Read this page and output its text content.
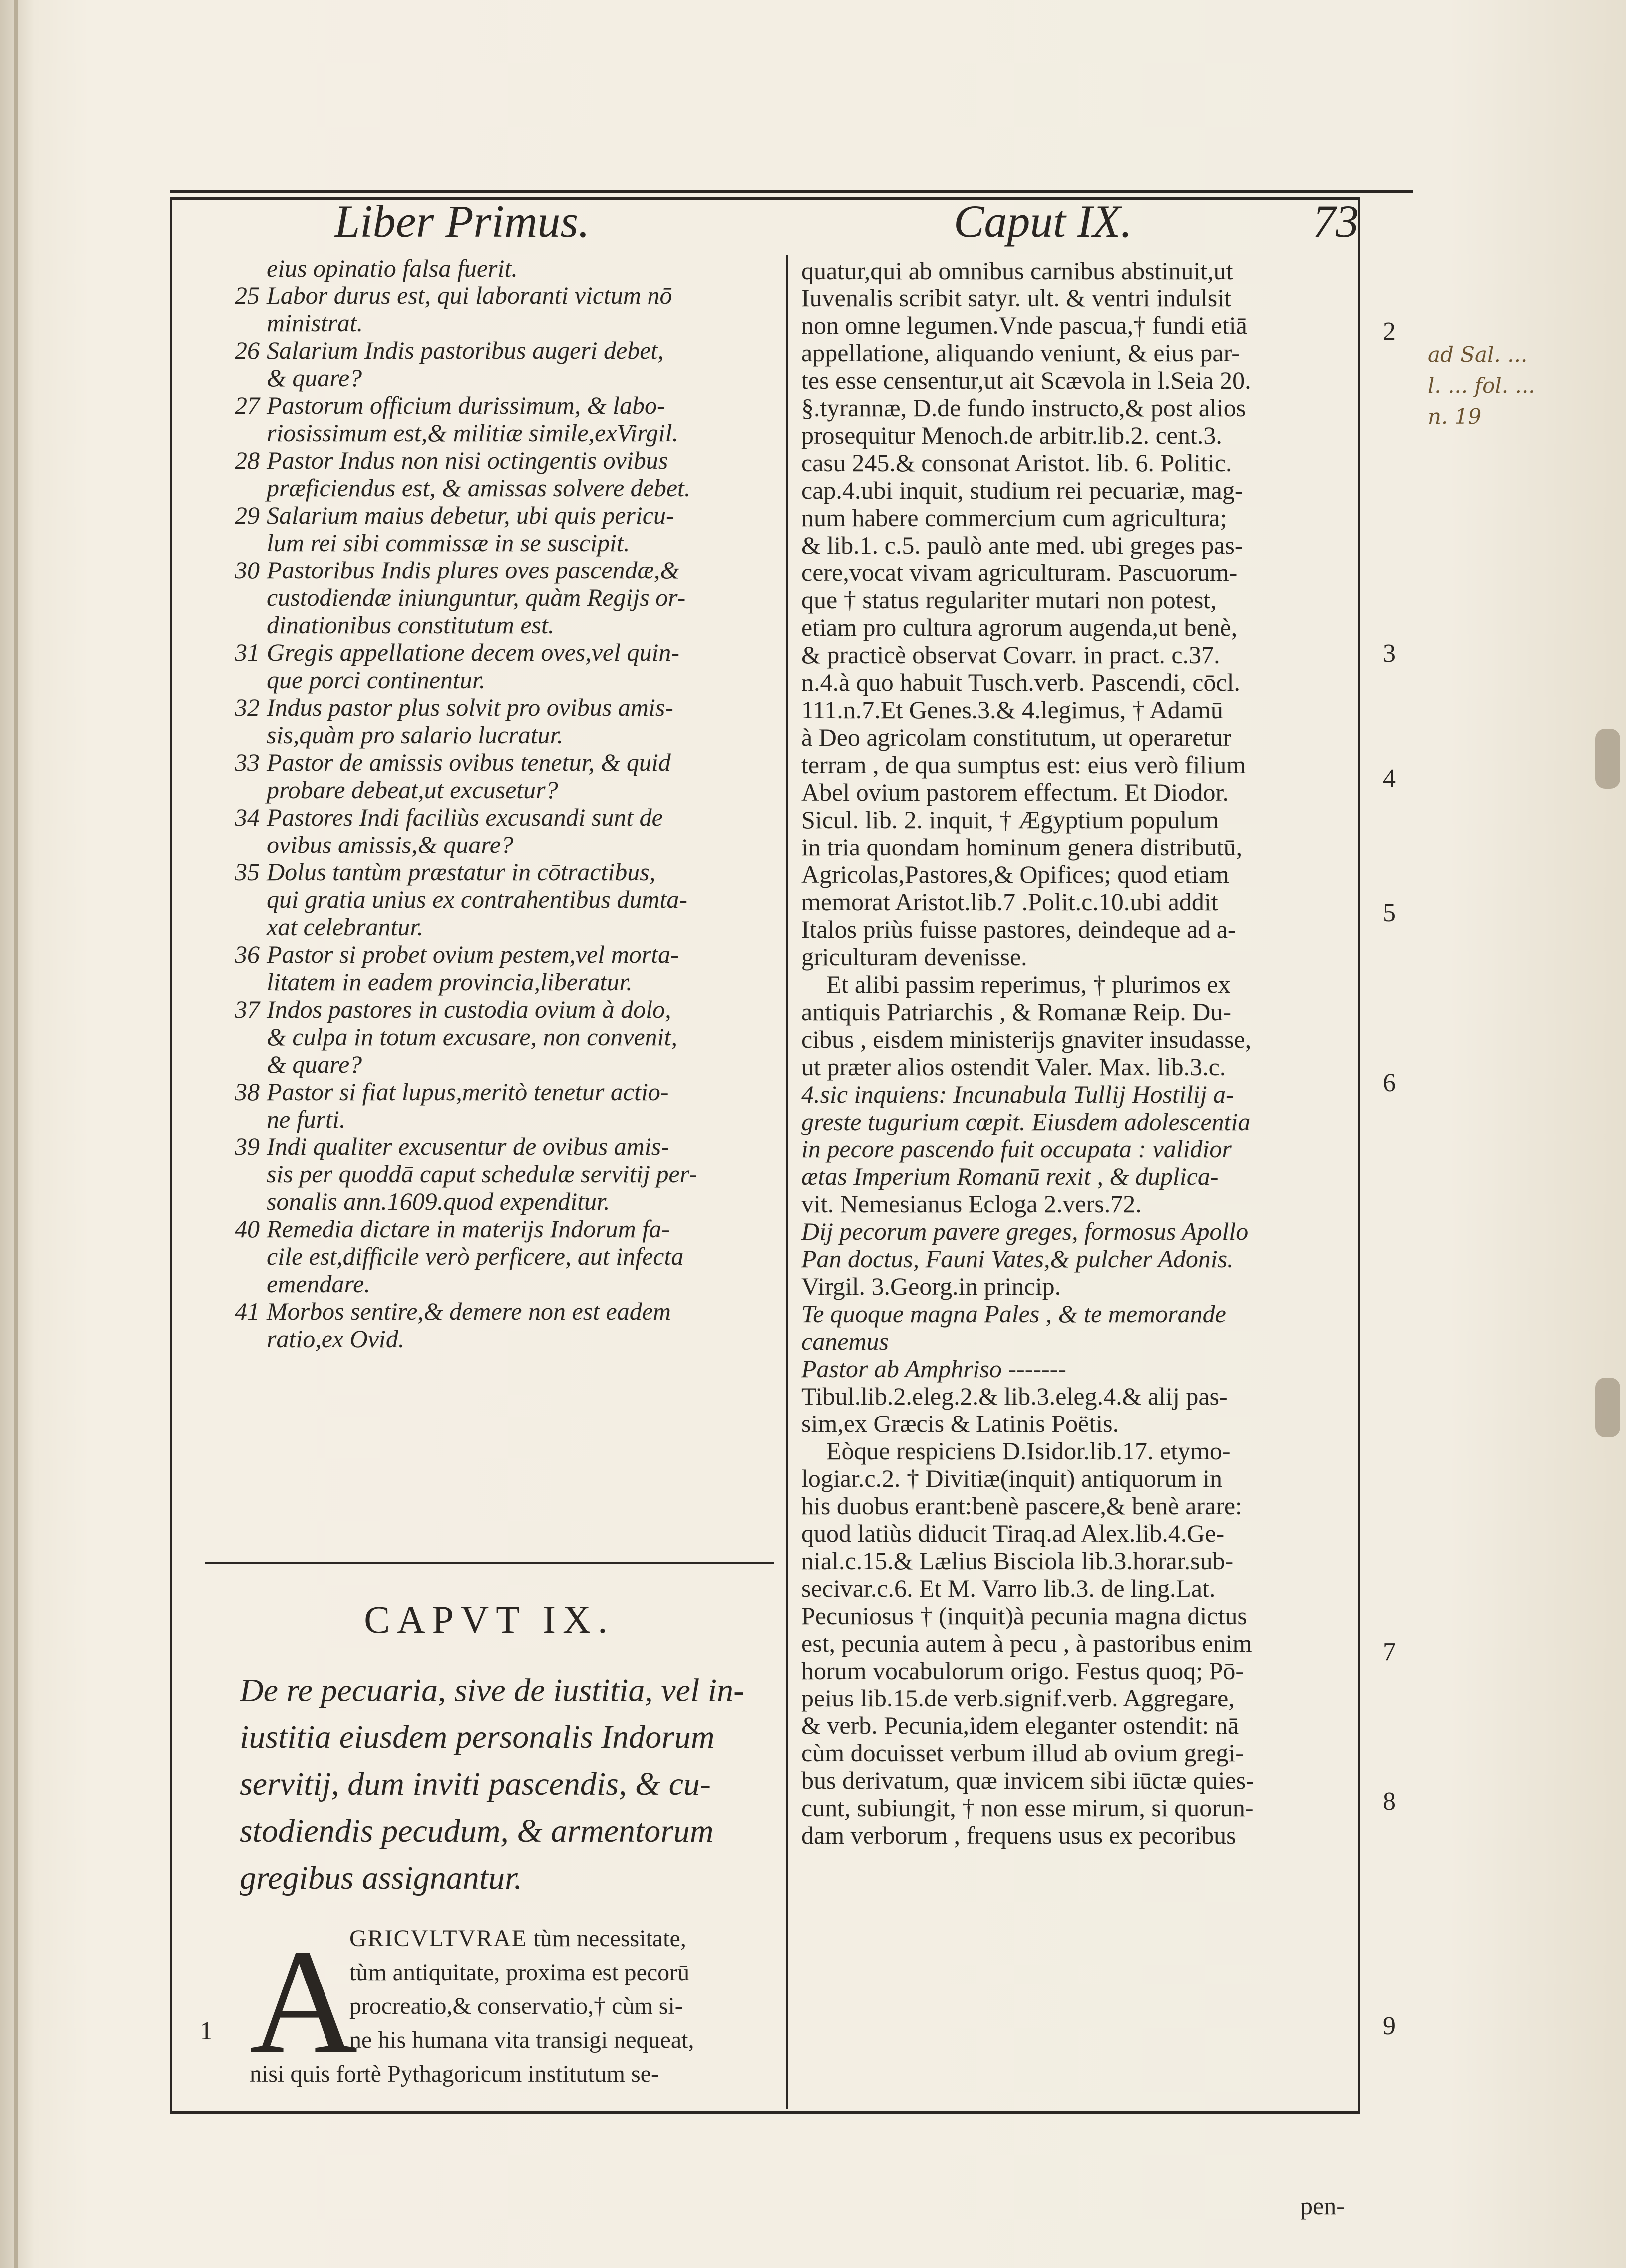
Liber Primus.	Caput IX.	73

eius opinatio falsa fuerit.

25 Labor durus est, qui laboranti victum nō

ministrat.

26 Salarium Indis pastoribus augeri debet,

& quare?

27 Pastorum officium durissimum, & labo-

riosissimum est,& militiæ simile,exVirgil.

28 Pastor Indus non nisi octingentis ovibus

præficiendus est, & amissas solvere debet.

29 Salarium maius debetur, ubi quis pericu-

lum rei sibi commissæ in se suscipit.

30 Pastoribus Indis plures oves pascendæ,&

custodiendæ iniunguntur, quàm Regijs or-

dinationibus constitutum est.

31 Gregis appellatione decem oves,vel quin-

que porci continentur.

32 Indus pastor plus solvit pro ovibus amis-

sis,quàm pro salario lucratur.

33 Pastor de amissis ovibus tenetur, & quid

probare debeat,ut excusetur?

34 Pastores Indi faciliùs excusandi sunt de

ovibus amissis,& quare?

35 Dolus tantùm præstatur in cōtractibus,

qui gratia unius ex contrahentibus dumta-

xat celebrantur.

36 Pastor si probet ovium pestem,vel morta-

litatem in eadem provincia,liberatur.

37 Indos pastores in custodia ovium à dolo,

& culpa in totum excusare, non convenit,

& quare?

38 Pastor si fiat lupus,meritò tenetur actio-

ne furti.

39 Indi qualiter excusentur de ovibus amis-

sis per quoddā caput schedulæ servitij per-

sonalis ann.1609.quod expenditur.

40 Remedia dictare in materijs Indorum fa-

cile est,difficile verò perficere, aut infecta

emendare.

41 Morbos sentire,& demere non est eadem

ratio,ex Ovid.

CAPVT IX.

De re pecuaria, sive de iustitia, vel in-

iustitia eiusdem personalis Indorum

servitij, dum inviti pascendis, & cu-

stodiendis pecudum, & armentorum

gregibus assignantur.

A

GRICVLTVRAE tùm necessitate,

tùm antiquitate, proxima est pecorū

procreatio,& conservatio,† cùm si-

ne his humana vita transigi nequeat,

nisi quis fortè Pythagoricum institutum se-

quatur,qui ab omnibus carnibus abstinuit,ut

Iuvenalis scribit satyr. ult. & ventri indulsit

non omne legumen.Vnde pascua,† fundi etiā

appellatione, aliquando veniunt, & eius par-

tes esse censentur,ut ait Scævola in l.Seia 20.

§.tyrannæ, D.de fundo instructo,& post alios

prosequitur Menoch.de arbitr.lib.2. cent.3.

casu 245.& consonat Aristot. lib. 6. Politic.

cap.4.ubi inquit, studium rei pecuariæ, mag-

num habere commercium cum agricultura;

& lib.1. c.5. paulò ante med. ubi greges pas-

cere,vocat vivam agriculturam. Pascuorum-

que † status regulariter mutari non potest,

etiam pro cultura agrorum augenda,ut benè,

& practicè observat Covarr. in pract. c.37.

n.4.à quo habuit Tusch.verb. Pascendi, cōcl.

111.n.7.Et Genes.3.& 4.legimus, † Adamū

à Deo agricolam constitutum, ut operaretur

terram , de qua sumptus est: eius verò filium

Abel ovium pastorem effectum. Et Diodor.

Sicul. lib. 2. inquit, † Ægyptium populum

in tria quondam hominum genera distributū,

Agricolas,Pastores,& Opifices; quod etiam

memorat Aristot.lib.7 .Polit.c.10.ubi addit

Italos priùs fuisse pastores, deindeque ad a-

griculturam devenisse.

Et alibi passim reperimus, † plurimos ex

antiquis Patriarchis , & Romanæ Reip. Du-

cibus , eisdem ministerijs gnaviter insudasse,

ut præter alios ostendit Valer. Max. lib.3.c.

4.sic inquiens: Incunabula Tullij Hostilij a-

greste tugurium cœpit. Eiusdem adolescentia

in pecore pascendo fuit occupata : validior

ætas Imperium Romanū rexit , & duplica-

vit. Nemesianus Ecloga 2.vers.72.

Dij pecorum pavere greges, formosus Apollo

Pan doctus, Fauni Vates,& pulcher Adonis.

Virgil. 3.Georg.in princip.

Te quoque magna Pales , & te memorande

canemus

Pastor ab Amphriso -------

Tibul.lib.2.eleg.2.& lib.3.eleg.4.& alij pas-

sim,ex Græcis & Latinis Poëtis.

Eòque respiciens D.Isidor.lib.17. etymo-

logiar.c.2. † Divitiæ(inquit) antiquorum in

his duobus erant:benè pascere,& benè arare:

quod latiùs diducit Tiraq.ad Alex.lib.4.Ge-

nial.c.15.& Lælius Bisciola lib.3.horar.sub-

secivar.c.6. Et M. Varro lib.3. de ling.Lat.

Pecuniosus † (inquit)à pecunia magna dictus

est, pecunia autem à pecu , à pastoribus enim

horum vocabulorum origo. Festus quoq; Pō-

peius lib.15.de verb.signif.verb. Aggregare,

& verb. Pecunia,idem eleganter ostendit: nā

cùm docuisset verbum illud ab ovium gregi-

bus derivatum, quæ invicem sibi iūctæ quies-

cunt, subiungit, † non esse mirum, si quorun-

dam verborum , frequens usus ex pecoribus

1
2
3
4
5
6
7
8
9
ad Sal. ...
l. ... fol. ...
n. 19
pen-
